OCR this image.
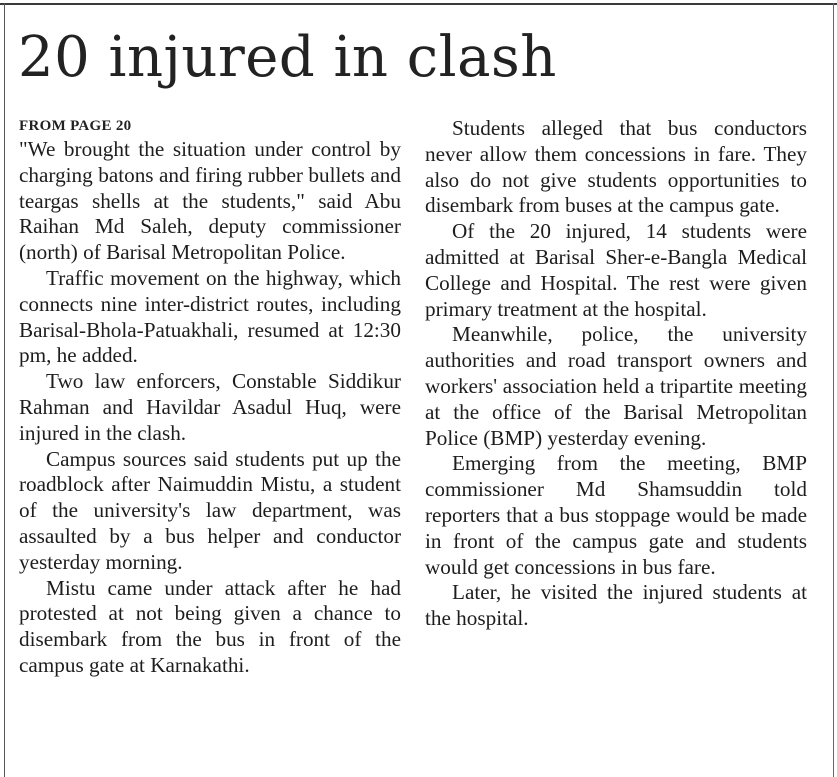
20 injured in clash
FROM PAGE 20

"We brought the situation under control by charging batons and firing rubber bullets and teargas shells at the students," said Abu Raihan Md Saleh, deputy commissioner (north) of Barisal Metropolitan Police.

Traffic movement on the highway, which connects nine inter-district routes, including Barisal-Bhola-Patuakhali, resumed at 12:30 pm, he added.

Two law enforcers, Constable Siddikur Rahman and Havildar Asadul Huq, were injured in the clash.

Campus sources said students put up the roadblock after Naimuddin Mistu, a student of the university's law department, was assaulted by a bus helper and conductor yesterday morning.

Mistu came under attack after he had protested at not being given a chance to disembark from the bus in front of the campus gate at Karnakathi.

Students alleged that bus conductors never allow them concessions in fare. They also do not give students opportunities to disembark from buses at the campus gate.

Of the 20 injured, 14 students were admitted at Barisal Sher-e-Bangla Medical College and Hospital. The rest were given primary treatment at the hospital.

Meanwhile, police, the university authorities and road transport owners and workers' association held a tripartite meeting at the office of the Barisal Metropolitan Police (BMP) yesterday evening.

Emerging from the meeting, BMP commissioner Md Shamsuddin told reporters that a bus stoppage would be made in front of the campus gate and students would get concessions in bus fare.

Later, he visited the injured students at the hospital.
